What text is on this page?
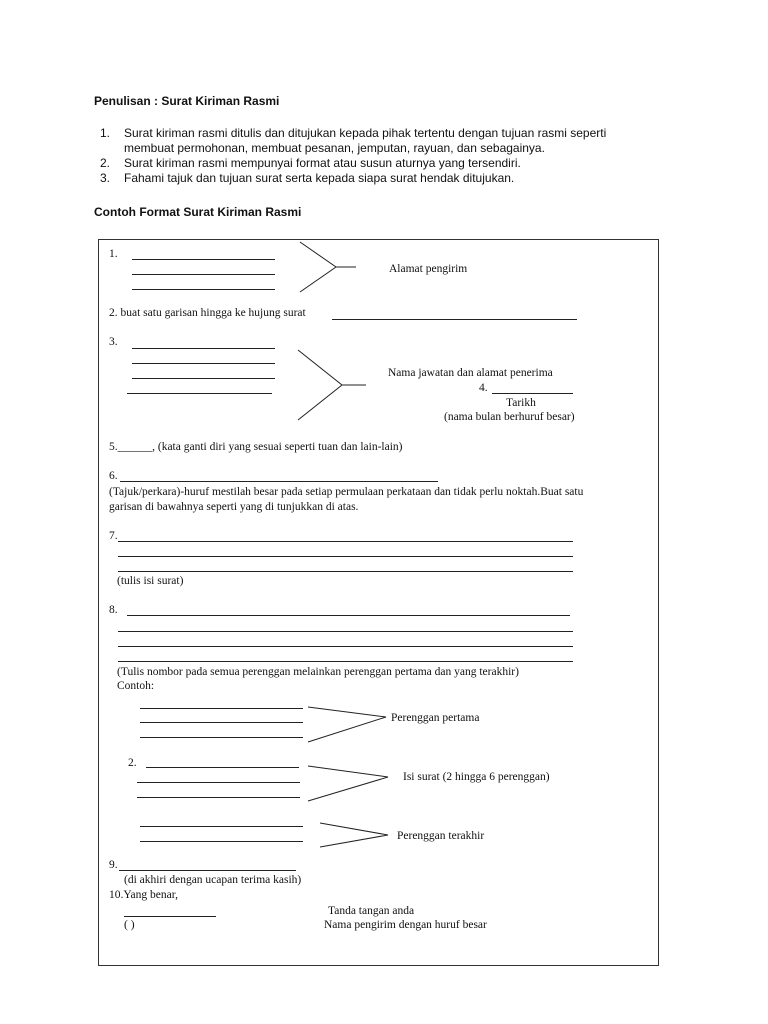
Penulisan : Surat Kiriman Rasmi
1. Surat kiriman rasmi ditulis dan ditujukan kepada pihak tertentu dengan tujuan rasmi seperti
membuat permohonan, membuat pesanan, jemputan, rayuan, dan sebagainya.
2. Surat kiriman rasmi mempunyai format atau susun aturnya yang tersendiri.
3. Fahami tajuk dan tujuan surat serta kepada siapa surat hendak ditujukan.
Contoh Format Surat Kiriman Rasmi
1.
Alamat pengirim
2. buat satu garisan hingga ke hujung surat
3.
Nama jawatan dan alamat penerima
4.
Tarikh
(nama bulan berhuruf besar)
5.______, (kata ganti diri yang sesuai seperti tuan dan lain-lain)
6.
(Tajuk/perkara)-huruf mestilah besar pada setiap permulaan perkataan dan tidak perlu noktah.Buat satu
garisan di bawahnya seperti yang di tunjukkan di atas.
7.
(tulis isi surat)
8.
(Tulis nombor pada semua perenggan melainkan perenggan pertama dan yang terakhir)
Contoh:
Perenggan pertama
2.
Isi surat (2 hingga 6 perenggan)
Perenggan terakhir
9.
(di akhiri dengan ucapan terima kasih)
10.Yang benar,
( )
Tanda tangan anda
Nama pengirim dengan huruf besar
